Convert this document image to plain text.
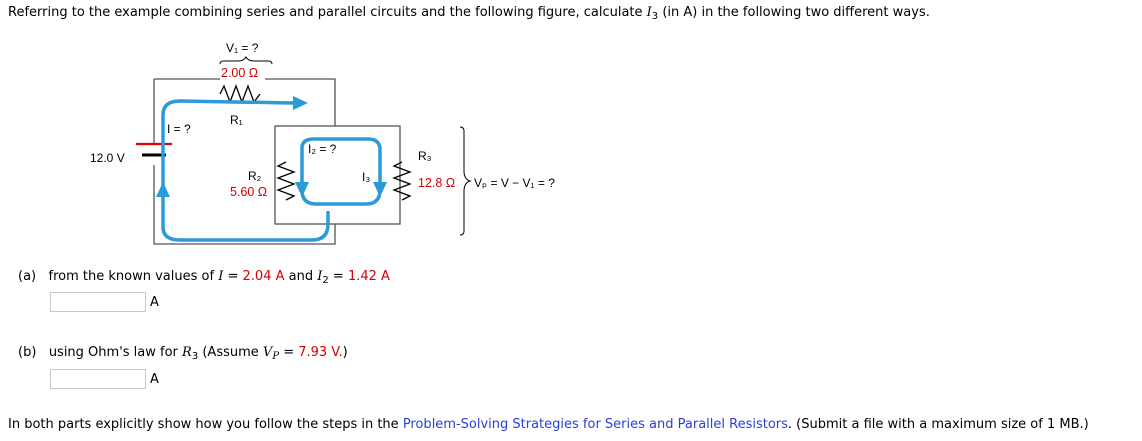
Referring to the example combining series and parallel circuits and the following figure, calculate $I_3$ (in A) in the following two different ways.
V₁ = ?
2.00 Ω
R₁
I = ?
12.0 V
I₂ = ?
R₂
5.60 Ω
I₃
R₃
12.8 Ω Vₚ = V − V₁ = ?
(a) from the known values of I = 2.04 A and $I_2 = 1.42$ A
A
(b) using Ohm's law for $R_3$ (Assume $V_P = 7.93$ V.)
A
In both parts explicitly show how you follow the steps in the Problem-Solving Strategies for Series and Parallel Resistors. (Submit a file with a maximum size of 1 MB.)
